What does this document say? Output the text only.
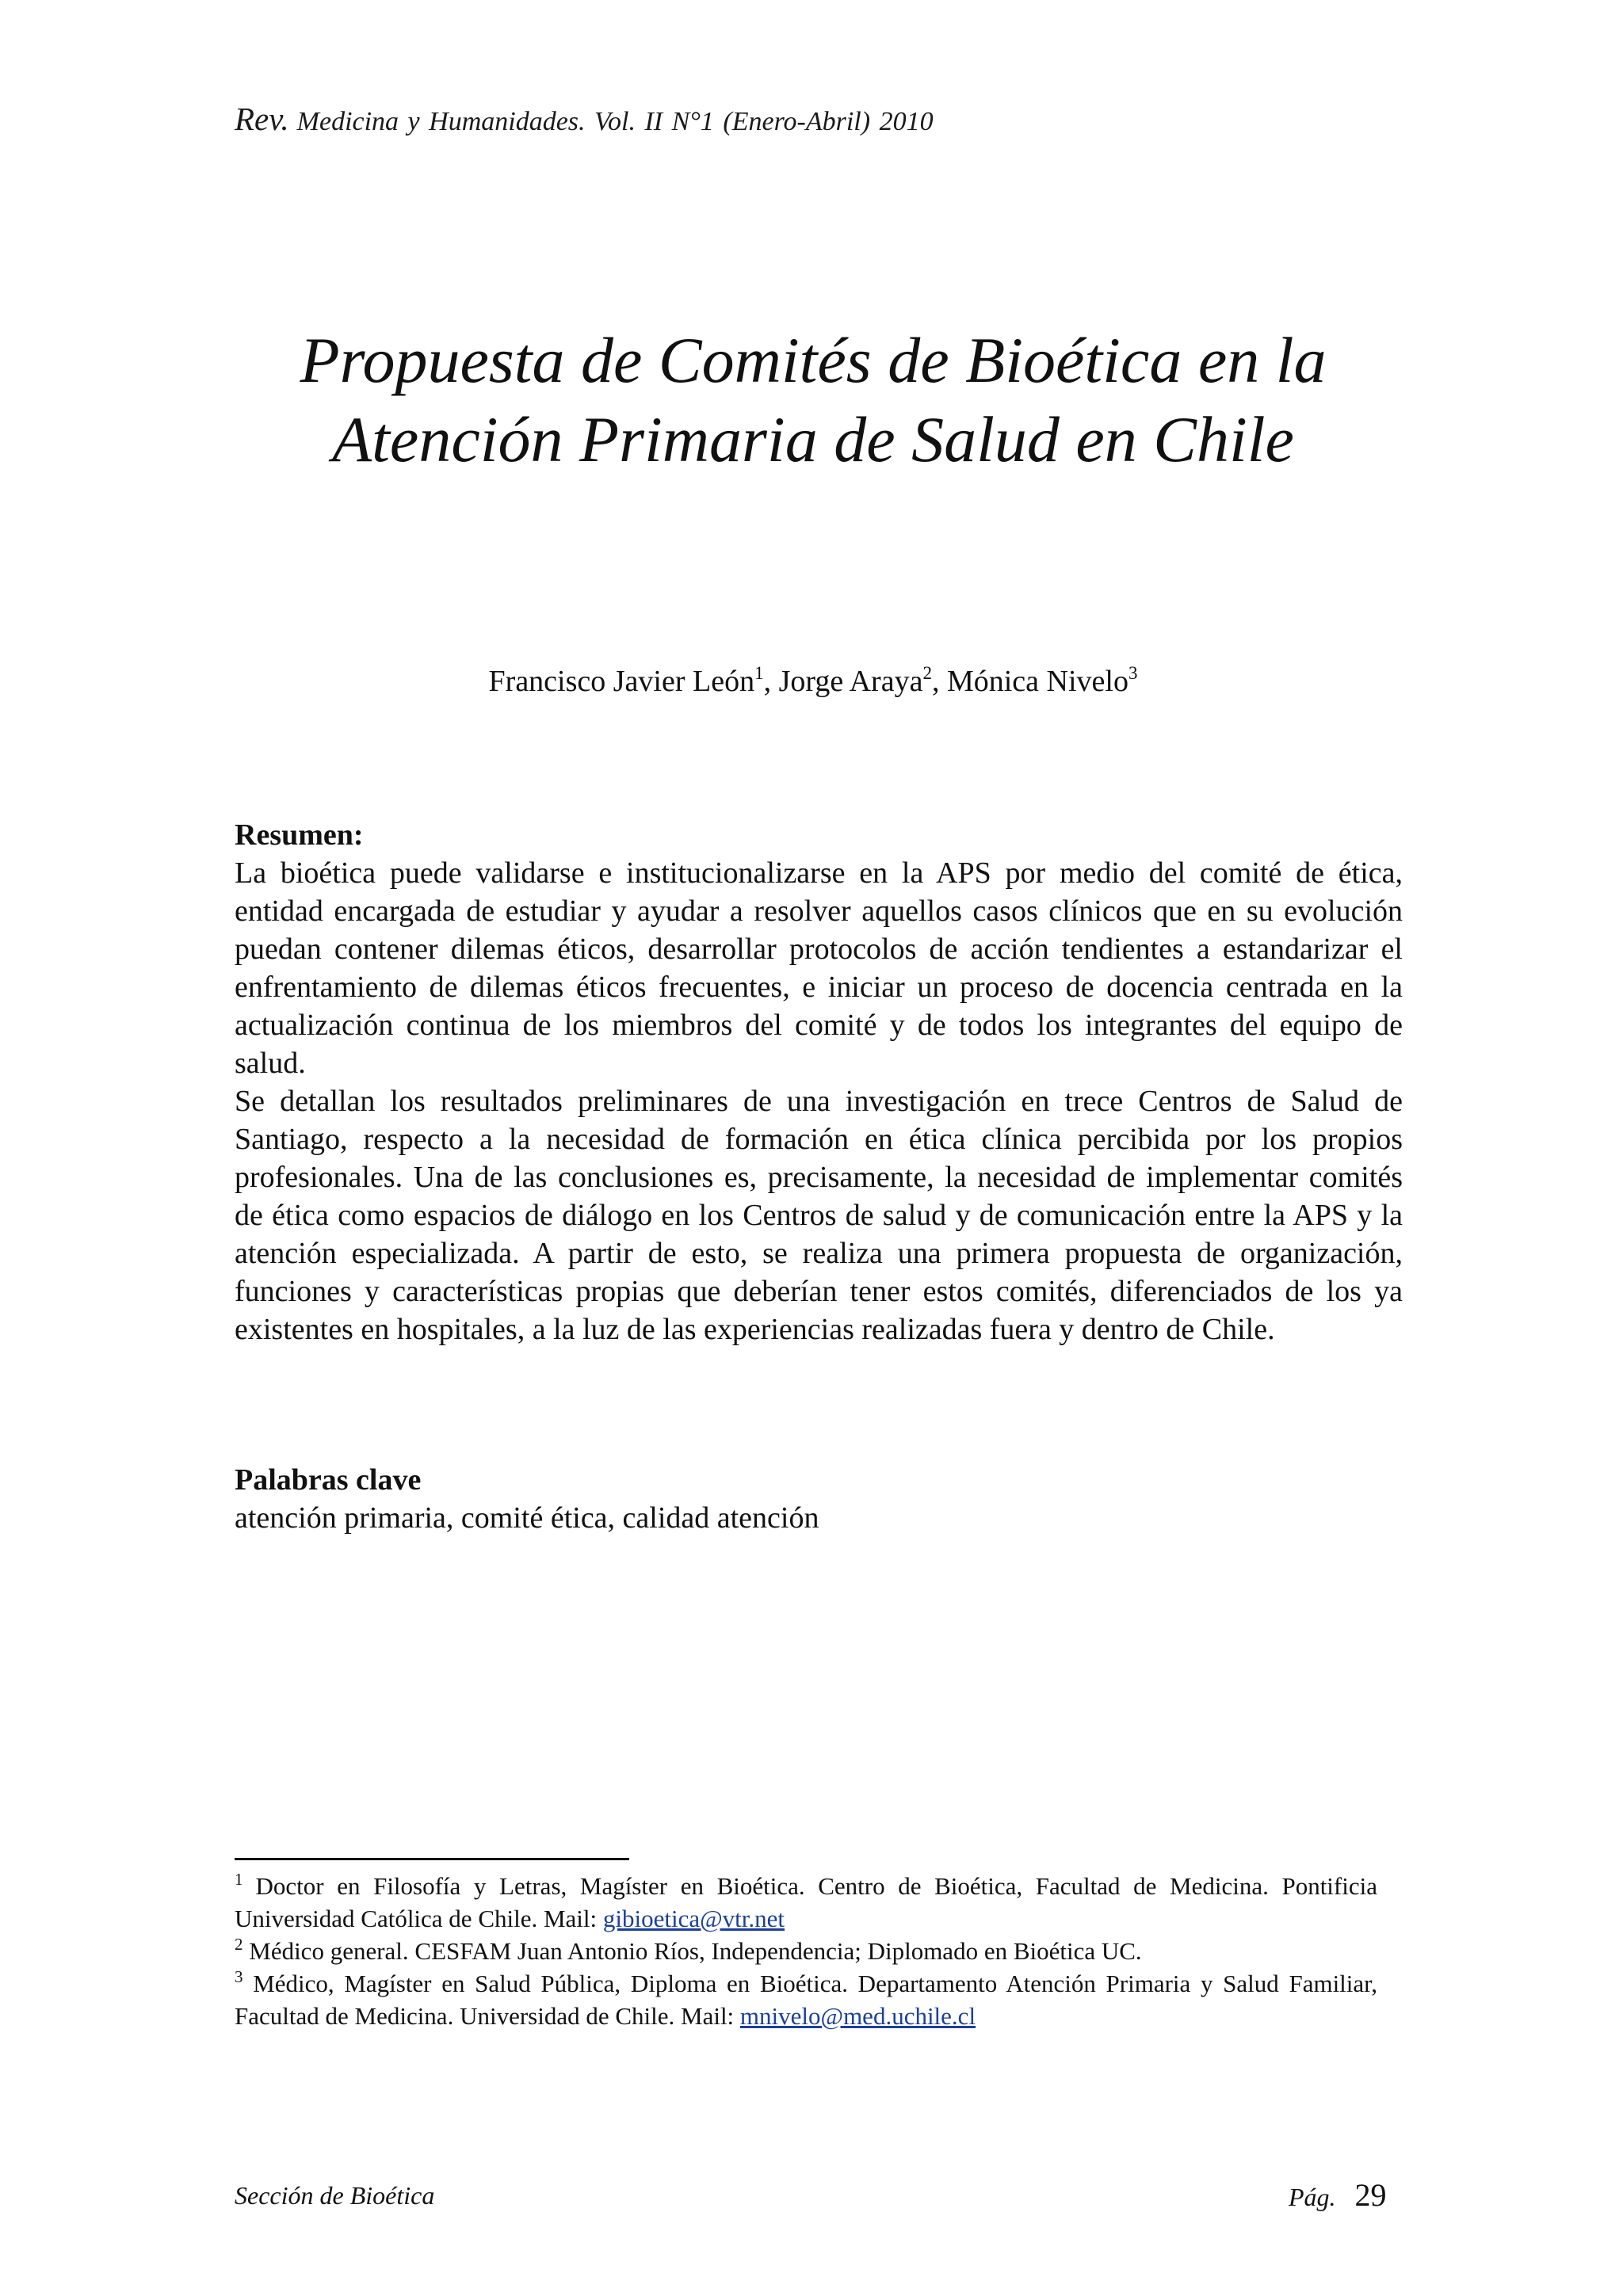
Rev. Medicina y Humanidades. Vol. II N°1 (Enero-Abril) 2010
Propuesta de Comités de Bioética en la
Atención Primaria de Salud en Chile
Francisco Javier León$^1$, Jorge Araya$^2$, Mónica Nivelo$^3$
Resumen:

La bioética puede validarse e institucionalizarse en la APS por medio del comité de ética, entidad encargada de estudiar y ayudar a resolver aquellos casos clínicos que en su evolución puedan contener dilemas éticos, desarrollar protocolos de acción tendientes a estandarizar el enfrentamiento de dilemas éticos frecuentes, e iniciar un proceso de docencia centrada en la actualización continua de los miembros del comité y de todos los integrantes del equipo de salud.

Se detallan los resultados preliminares de una investigación en trece Centros de Salud de Santiago, respecto a la necesidad de formación en ética clínica percibida por los propios profesionales. Una de las conclusiones es, precisamente, la necesidad de implementar comités de ética como espacios de diálogo en los Centros de salud y de comunicación entre la APS y la atención especializada. A partir de esto, se realiza una primera propuesta de organización, funciones y características propias que deberían tener estos comités, diferenciados de los ya existentes en hospitales, a la luz de las experiencias realizadas fuera y dentro de Chile.

Palabras clave

atención primaria, comité ética, calidad atención

$^1$ Doctor en Filosofía y Letras, Magíster en Bioética. Centro de Bioética, Facultad de Medicina. Pontificia Universidad Católica de Chile. Mail: gibioetica@vtr.net

$^2$ Médico general. CESFAM Juan Antonio Ríos, Independencia; Diplomado en Bioética UC.

$^3$ Médico, Magíster en Salud Pública, Diploma en Bioética. Departamento Atención Primaria y Salud Familiar, Facultad de Medicina. Universidad de Chile. Mail: mnivelo@med.uchile.cl

Sección de Bioética	Pág. 29
